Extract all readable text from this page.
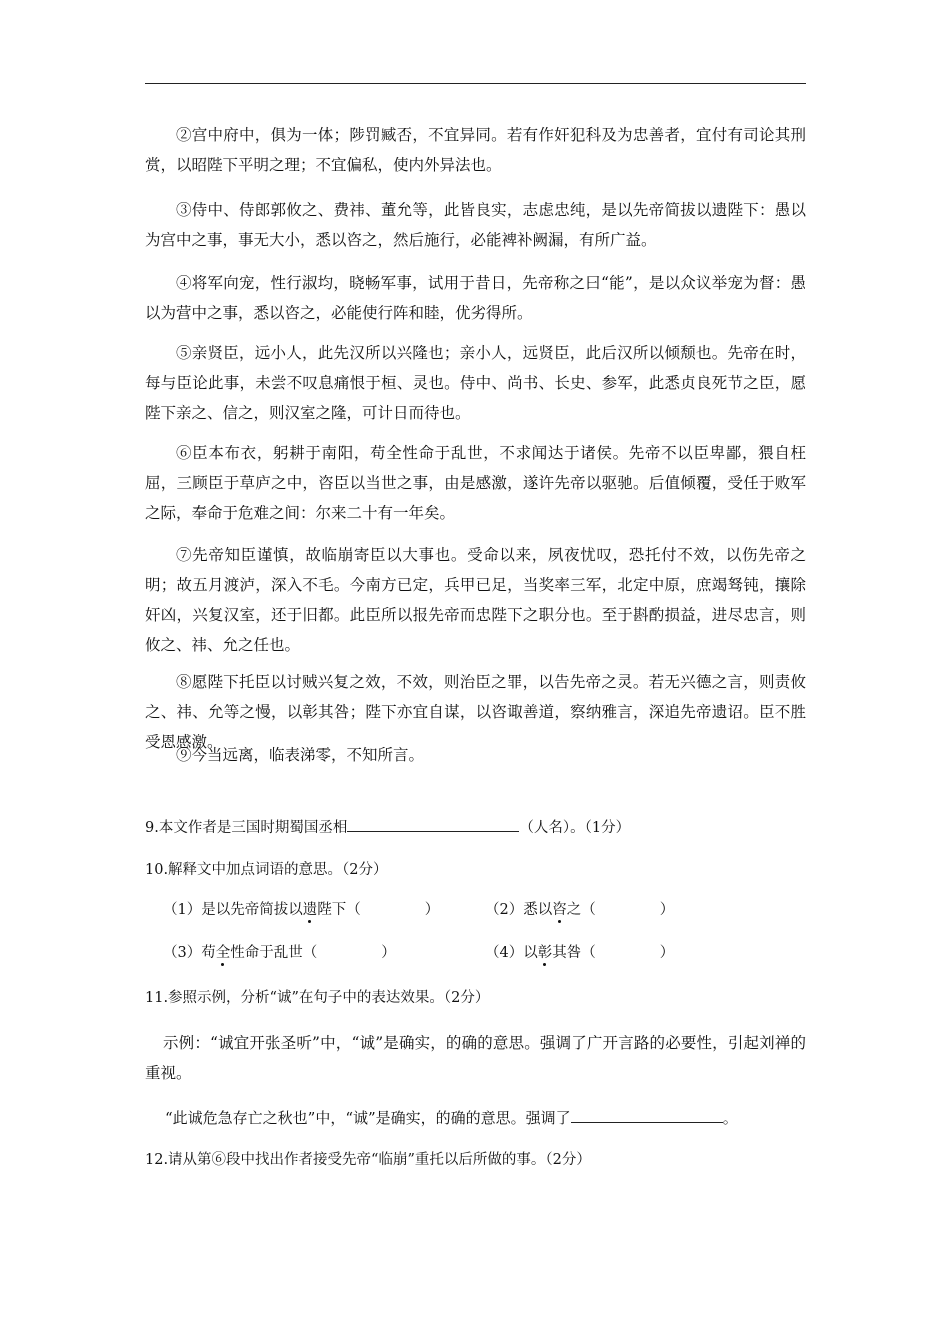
②宫中府中，俱为一体；陟罚臧否，不宜异同。若有作奸犯科及为忠善者，宜付有司论其刑赏，以昭陛下平明之理；不宜偏私，使内外异法也。

③侍中、侍郎郭攸之、费祎、董允等，此皆良实，志虑忠纯，是以先帝简拔以遗陛下：愚以为宫中之事，事无大小，悉以咨之，然后施行，必能裨补阙漏，有所广益。

④将军向宠，性行淑均，晓畅军事，试用于昔日，先帝称之曰“能”，是以众议举宠为督：愚以为营中之事，悉以咨之，必能使行阵和睦，优劣得所。

⑤亲贤臣，远小人，此先汉所以兴隆也；亲小人，远贤臣，此后汉所以倾颓也。先帝在时，每与臣论此事，未尝不叹息痛恨于桓、灵也。侍中、尚书、长史、参军，此悉贞良死节之臣，愿陛下亲之、信之，则汉室之隆，可计日而待也。

⑥臣本布衣，躬耕于南阳，苟全性命于乱世，不求闻达于诸侯。先帝不以臣卑鄙，猥自枉屈，三顾臣于草庐之中，咨臣以当世之事，由是感激，遂许先帝以驱驰。后值倾覆，受任于败军之际，奉命于危难之间：尔来二十有一年矣。

⑦先帝知臣谨慎，故临崩寄臣以大事也。受命以来，夙夜忧叹，恐托付不效，以伤先帝之明；故五月渡泸，深入不毛。今南方已定，兵甲已足，当奖率三军，北定中原，庶竭驽钝，攘除奸凶，兴复汉室，还于旧都。此臣所以报先帝而忠陛下之职分也。至于斟酌损益，进尽忠言，则攸之、祎、允之任也。

⑧愿陛下托臣以讨贼兴复之效，不效，则治臣之罪，以告先帝之灵。若无兴德之言，则责攸之、祎、允等之慢，以彰其咎；陛下亦宜自谋，以咨诹善道，察纳雅言，深追先帝遗诏。臣不胜受恩感激。

⑨今当远离，临表涕零，不知所言。

9.本文作者是三国时期蜀国丞相	（人名）。（1分）
10.解释文中加点词语的意思。（2分）
（1）是以先帝简拔以遗陛下（	）	（2）悉以咨之（	）
（3）苟全性命于乱世（	）	（4）以彰其咎（	）
11.参照示例，分析“诚”在句子中的表达效果。（2分）

示例：“诚宜开张圣听”中，“诚”是确实，的确的意思。强调了广开言路的必要性，引起刘禅的重视。

“此诚危急存亡之秋也”中，“诚”是确实，的确的意思。强调了	。
12.请从第⑥段中找出作者接受先帝“临崩”重托以后所做的事。（2分）
